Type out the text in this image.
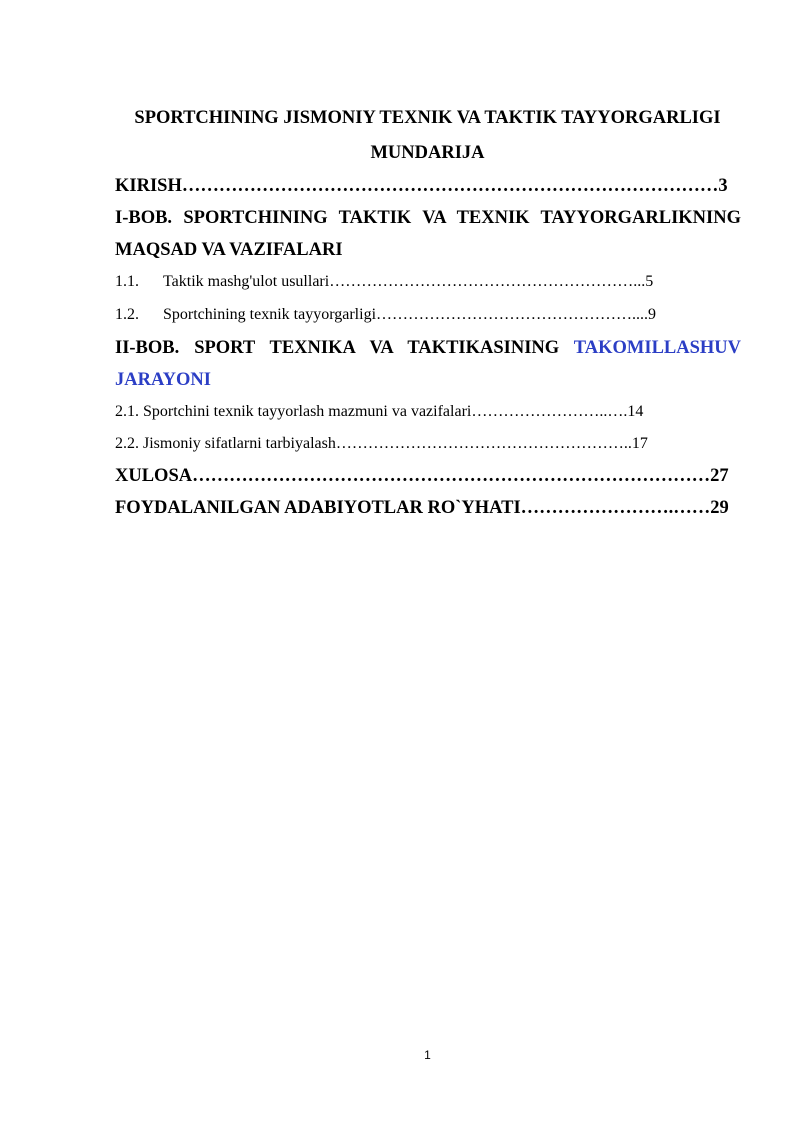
SPORTCHINING JISMONIY TEXNIK VA TAKTIK TAYYORGARLIGI
MUNDARIJA
KIRISH……………………………………………………………………………3
I-BOB. SPORTCHINING TAKTIK VA TEXNIK TAYYORGARLIKNING
MAQSAD VA VAZIFALARI
1.1. Taktik mashg'ulot usullari…………………………………………………...5
1.2. Sportchining texnik tayyorgarligi…………………………………………....9
II-BOB. SPORT TEXNIKA VA TAKTIKASINING TAKOMILLASHUV
JARAYONI
2.1. Sportchini texnik tayyorlash mazmuni va vazifalari……………………..….14
2.2. Jismoniy sifatlarni tarbiyalash………………………………………………..17
XULOSA…………………………………………………………………………27
FOYDALANILGAN ADABIYOTLAR RO`YHATI…………………….……29
1
